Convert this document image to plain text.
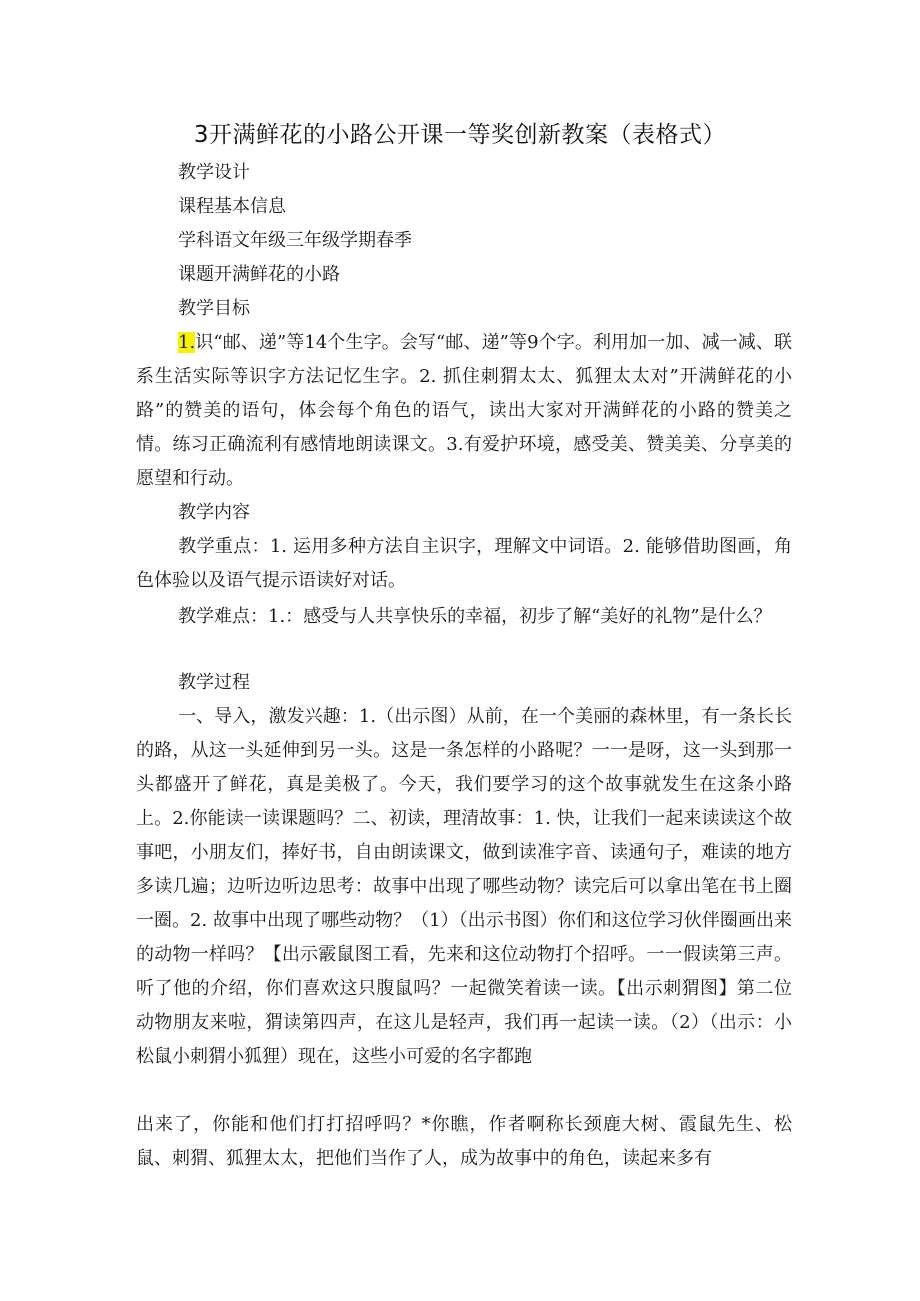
3开满鲜花的小路公开课一等奖创新教案（表格式）

教学设计

课程基本信息

学科语文年级三年级学期春季

课题开满鲜花的小路

教学目标

1.识“邮、递”等14个生字。会写“邮、递”等9个字。利用加一加、减一减、联系生活实际等识字方法记忆生字。2. 抓住刺猬太太、狐狸太太对”开满鲜花的小路”的赞美的语句，体会每个角色的语气，读出大家对开满鲜花的小路的赞美之情。练习正确流利有感情地朗读课文。3.有爱护环境，感受美、赞美美、分享美的愿望和行动。

教学内容

教学重点：1. 运用多种方法自主识字，理解文中词语。2. 能够借助图画，角色体验以及语气提示语读好对话。

教学难点：1.：感受与人共享快乐的幸福，初步了解“美好的礼物”是什么？

教学过程

一、导入，激发兴趣：1.（出示图）从前，在一个美丽的森林里，有一条长长的路，从这一头延伸到另一头。这是一条怎样的小路呢？一一是呀，这一头到那一头都盛开了鲜花，真是美极了。今天，我们要学习的这个故事就发生在这条小路上。2.你能读一读课题吗？二、初读，理清故事：1. 快，让我们一起来读读这个故事吧，小朋友们，捧好书，自由朗读课文，做到读准字音、读通句子，难读的地方多读几遍；边听边听边思考：故事中出现了哪些动物？读完后可以拿出笔在书上圈一圈。2. 故事中出现了哪些动物？（1）（出示书图）你们和这位学习伙伴圈画出来的动物一样吗？【出示霰鼠图工看，先来和这位动物打个招呼。一一假读第三声。听了他的介绍，你们喜欢这只腹鼠吗？一起微笑着读一读。【出示刺猬图】第二位动物朋友来啦，猬读第四声，在这儿是轻声，我们再一起读一读。（2）（出示：小松鼠小刺猬小狐狸）现在，这些小可爱的名字都跑

出来了，你能和他们打打招呼吗？*你瞧，作者啊称长颈鹿大树、霞鼠先生、松鼠、刺猬、狐狸太太，把他们当作了人，成为故事中的角色，读起来多有
